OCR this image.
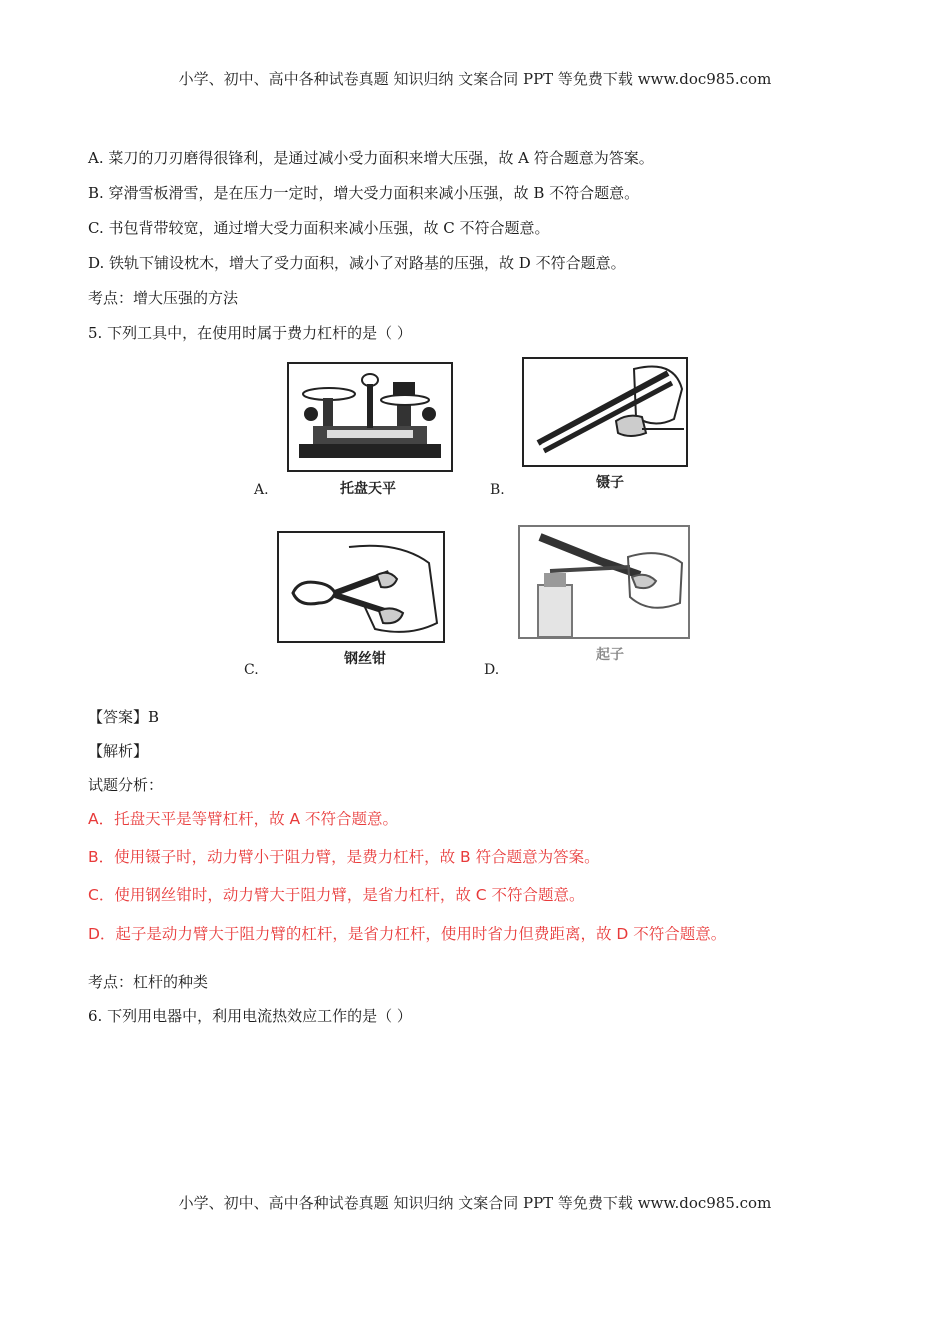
小学、初中、高中各种试卷真题 知识归纳 文案合同 PPT 等免费下载 www.doc985.com
A. 菜刀的刀刃磨得很锋利，是通过减小受力面积来增大压强，故 A 符合题意为答案。
B. 穿滑雪板滑雪，是在压力一定时，增大受力面积来减小压强，故 B 不符合题意。
C. 书包背带较宽，通过增大受力面积来减小压强，故 C 不符合题意。
D. 铁轨下铺设枕木，增大了受力面积，减小了对路基的压强，故 D 不符合题意。
考点：增大压强的方法
5. 下列工具中，在使用时属于费力杠杆的是（ ）
A.	托盘天平	B.	镊子
C.
钢丝钳
D.
起子
【答案】B
【解析】
试题分析：
A．托盘天平是等臂杠杆，故 A 不符合题意。
B．使用镊子时，动力臂小于阻力臂，是费力杠杆，故 B 符合题意为答案。
C．使用钢丝钳时，动力臂大于阻力臂，是省力杠杆，故 C 不符合题意。
D．起子是动力臂大于阻力臂的杠杆，是省力杠杆，使用时省力但费距离，故 D 不符合题意。
考点：杠杆的种类
6. 下列用电器中，利用电流热效应工作的是（ ）
小学、初中、高中各种试卷真题 知识归纳 文案合同 PPT 等免费下载 www.doc985.com
